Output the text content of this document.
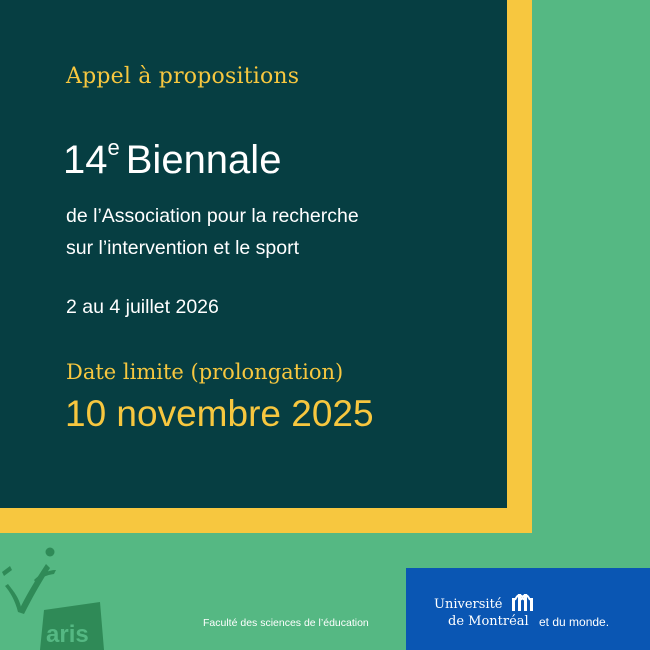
Appel à propositions
14e Biennale
de l’Association pour la recherche
sur l’intervention et le sport
2 au 4 juillet 2026
Date limite (prolongation)
10 novembre 2025
aris	Faculté des sciences de l’éducation
Université
de Montréal et du monde.
